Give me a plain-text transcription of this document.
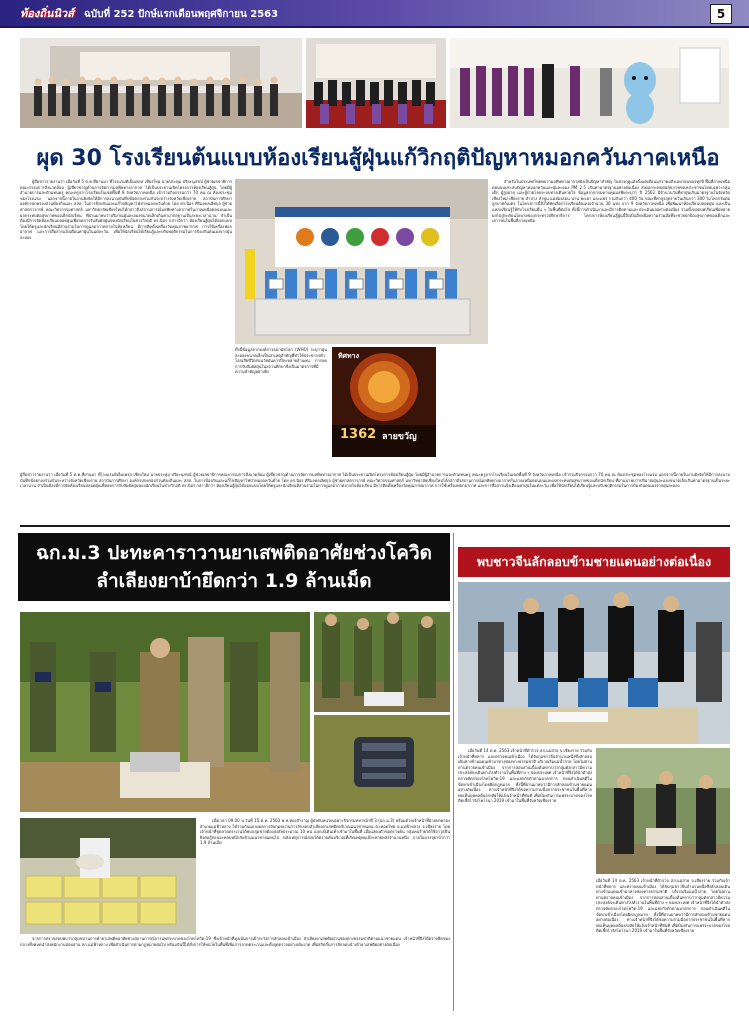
ท้องถิ่นนิวส์ ฉบับที่ 252 ปักษ์แรกเดือนพฤศจิกายน 2563	5
ผุด 30 โรงเรียนต้นแบบห้องเรียนสู้ฝุ่นแก้วิกฤติปัญหาหมอกควันภาคเหนือ
ผู้สื่อข่าวรายงานว่า เมื่อวันที่ 5 ต.ค.ที่ผ่านมา ที่โรงแรมดิเอ็มเพรส เชียงใหม่ นายประทุม ปริยะนุสรณ์ ผู้ช่วยเลขาธิการคณะกรรมการสิ่งแวดล้อม ผู้เชี่ยวชาญด้านการจัดการมลพิษทางอากาศ ได้เป็นประธานเปิดโครงการห้องเรียนสู้ฝุ่น โดยมีผู้อำนวยการและตัวแทนครู คณะครูจากโรงเรียนในเขตพื้นที่ 9 จังหวัดภาคเหนือ เข้าร่วมกิจกรรมกว่า 70 คน ณ ห้องประชุมของโรงแรม นอกจากนี้ภายในงานยังจัดให้มีการลงนามบันทึกข้อตกลงร่วมกันระหว่างจังหวัดเชียงราย สถาบันการศึกษา องค์กรปกครองส่วนท้องถิ่นและ สสส. ในการป้องกันและแก้ไขปัญหาไฟป่าหมอกควันด้วย โดย ดร.นิอร ศิริมงคลเลิศกุล ผู้ช่วยศาสตราจารย์ คณะวิศวกรรมศาสตร์ มหาวิทยาลัยเชียงใหม่ได้กล่าวถึงสถานการณ์มลพิษทางอากาศในภาคเหนือตอนบนและผลกระทบต่อสุขภาพของเด็กนักเรียน ที่ผ่านมาพบว่าปริมาณฝุ่นละอองขนาดเล็กเกินค่ามาตรฐานเป็นระยะเวลานาน จำเป็นต้องมีการจัดห้องเรียนปลอดฝุ่นเพื่อลดการรับสัมผัสฝุ่นของนักเรียนในช่วงวิกฤติ ดร.นิอร กล่าวอีกว่า ห้องเรียนสู้ฝุ่นได้ออกแบบโดยให้ครูและนักเรียนมีส่วนร่วมในการดูแลอากาศภายในห้องเรียน มีการติดตั้งเครื่องวัดคุณภาพอากาศ การใช้เครื่องฟอกอากาศ และการสื่อสารแจ้งเตือนค่าฝุ่นในแต่ละวัน เพื่อให้นักเรียนได้เรียนรู้และปรับพฤติกรรมในการป้องกันตนเองจากฝุ่นละออง
สำหรับในประเทศไทยพบว่ามลพิษทางอากาศยังเป็นปัญหาสำคัญ ในช่วงฤดูแล้งตั้งแต่เดือนมกราคมถึงเมษายนของทุกปี พื้นที่ภาคเหนือตอนบนประสบปัญหาหมอกควันและฝุ่นละออง PM 2.5 เกินค่ามาตรฐานอย่างต่อเนื่อง ส่งผลกระทบต่อสุขภาพของประชาชนโดยเฉพาะกลุ่มเด็ก ผู้สูงอายุ และผู้ป่วยโรคระบบทางเดินหายใจ ข้อมูลจากกรมควบคุมมลพิษระบุว่า ปี 2562 มีจำนวนวันที่ค่าฝุ่นเกินมาตรฐานในจังหวัดเชียงใหม่ เชียงราย ลำปาง ลำพูน แม่ฮ่องสอน น่าน พะเยา และแพร่ รวมกันกว่า 400 วัน ขณะที่ค่าสูงสุดรายวันเกินกว่า 300 ไมโครกรัมต่อลูกบาศก์เมตร ในโครงการนี้จึงได้คัดเลือกโรงเรียนต้นแบบจำนวน 30 แห่ง จาก 9 จังหวัดภาคเหนือ เพื่อพัฒนาห้องเรียนปลอดฝุ่น และเป็นแหล่งเรียนรู้ให้กับโรงเรียนอื่น ๆ ในพื้นที่ต่อไป ทั้งนี้การดำเนินงานจะมีการติดตามและประเมินผลอย่างต่อเนื่อง รวมทั้งถอดบทเรียนเพื่อขยายผลไปสู่ระดับนโยบายของกระทรวงศึกษาธิการ โครงการห้องเรียนสู้ฝุ่นนี้จึงเป็นอีกหนึ่งความร่วมมือที่จะช่วยปกป้องสุขภาพของเด็กและเยาวชนในพื้นที่ภาคเหนือ
ทิศทาง
1362 ลายขวัญ
ทั้งนี้ข้อมูลจากองค์การอนามัยโลก (WHO) ระบุว่าฝุ่นละอองขนาดเล็กเป็นสาเหตุสำคัญที่ทำให้ประชากรทั่วโลกเสียชีวิตก่อนวัยอันควรปีละหลายล้านคน การลดการรับสัมผัสฝุ่นในสถานศึกษาจึงเป็นมาตรการที่มีความสำคัญอย่างยิ่ง
ผู้สื่อข่าวรายงานว่า เมื่อวันที่ 5 ต.ค.ที่ผ่านมา ที่โรงแรมดิเอ็มเพรส เชียงใหม่ นายประทุม ปริยะนุสรณ์ ผู้ช่วยเลขาธิการคณะกรรมการสิ่งแวดล้อม ผู้เชี่ยวชาญด้านการจัดการมลพิษทางอากาศ ได้เป็นประธานเปิดโครงการห้องเรียนสู้ฝุ่น โดยมีผู้อำนวยการและตัวแทนครู คณะครูจากโรงเรียนในเขตพื้นที่ 9 จังหวัดภาคเหนือ เข้าร่วมกิจกรรมกว่า 70 คน ณ ห้องประชุมของโรงแรม นอกจากนี้ภายในงานยังจัดให้มีการลงนามบันทึกข้อตกลงร่วมกันระหว่างจังหวัดเชียงราย สถาบันการศึกษา องค์กรปกครองส่วนท้องถิ่นและ สสส. ในการป้องกันและแก้ไขปัญหาไฟป่าหมอกควันด้วย โดย ดร.นิอร ศิริมงคลเลิศกุล ผู้ช่วยศาสตราจารย์ คณะวิศวกรรมศาสตร์ มหาวิทยาลัยเชียงใหม่ได้กล่าวถึงสถานการณ์มลพิษทางอากาศในภาคเหนือตอนบนและผลกระทบต่อสุขภาพของเด็กนักเรียน ที่ผ่านมาพบว่าปริมาณฝุ่นละอองขนาดเล็กเกินค่ามาตรฐานเป็นระยะเวลานาน จำเป็นต้องมีการจัดห้องเรียนปลอดฝุ่นเพื่อลดการรับสัมผัสฝุ่นของนักเรียนในช่วงวิกฤติ ดร.นิอร กล่าวอีกว่า ห้องเรียนสู้ฝุ่นได้ออกแบบโดยให้ครูและนักเรียนมีส่วนร่วมในการดูแลอากาศภายในห้องเรียน มีการติดตั้งเครื่องวัดคุณภาพอากาศ การใช้เครื่องฟอกอากาศ และการสื่อสารแจ้งเตือนค่าฝุ่นในแต่ละวัน เพื่อให้นักเรียนได้เรียนรู้และปรับพฤติกรรมในการป้องกันตนเองจากฝุ่นละออง
ฉก.ม.3 ปะทะคาราวานยาเสพติดอาศัยช่วงโควิด
ลำเลียงยาบ้ายึดกว่า 1.9 ล้านเม็ด
เมื่อเวลา 09.00 น.วันที่ 15 ต.ค. 2563 พ.ท.ทองสำราญ ผู้บังคับหน่วยเฉพาะกิจกรมทหารม้าที่ 3 (ฉก.ม.3) พร้อมด้วยเจ้าหน้าที่ฝ่ายปกครองอำเภอแม่ฟ้าหลวง ได้ร่วมกันแถลงผลการจับกุมขบวนการลักลอบลำเลียงยาเสพติดบริเวณแนวชายแดน ต.เทอดไทย อ.แม่ฟ้าหลวง จ.เชียงราย โดยเจ้าหน้าที่ชุดลาดตระเวนได้พบกลุ่มชายต้องสงสัยประมาณ 10 คน แบกเป้เดินเท้าเข้ามาในพื้นที่ เมื่อแสดงตัวขอตรวจค้น กลุ่มคนร้ายได้ใช้อาวุธปืนยิงต่อสู้ก่อนจะหลบหนีกลับข้ามแนวชายแดนไป หลังเหตุการณ์สงบได้ตรวจค้นบริเวณที่เกิดเหตุพบเป้สะพายหลังจำนวนหนึ่ง ภายในบรรจุยาบ้ากว่า 1.9 ล้านเม็ด
จากการตรวจสอบพบว่ากลุ่มขบวนการค้ายาเสพติดอาศัยช่วงสถานการณ์การแพร่ระบาดของโรคโควิด-19 ซึ่งเจ้าหน้าที่มุ่งเน้นการเฝ้าระวังการลักลอบเข้าเมือง ลำเลียงยาเสพติดผ่านช่องทางธรรมชาติตามแนวชายแดน เจ้าหน้าที่จึงได้ตรวจยึดของกลางทั้งหมดนำส่งพนักงานสอบสวน สภ.แม่ฟ้าหลวง เพื่อดำเนินการตามกฎหมายต่อไป พร้อมกันนี้ได้สั่งการให้หน่วยในพื้นที่เพิ่มการลาดตระเวนและตั้งจุดตรวจอย่างเข้มงวด เพื่อสกัดกั้นการลักลอบนำเข้ายาเสพติดอย่างต่อเนื่อง
พบชาวจีนลักลอบข้ามชายแดนอย่างต่อเนื่อง
เมื่อวันที่ 14 ต.ค. 2563 เจ้าหน้าที่ตำรวจ สภ.แม่สาย จ.เชียงราย ร่วมกับเจ้าหน้าที่ทหาร และตรวจคนเข้าเมือง ได้จับกุมชาวจีนจำนวนหนึ่งซึ่งลักลอบเดินทางข้ามแดนเข้ามาทางช่องทางธรรมชาติ บริเวณริมแม่น้ำสาย โดยไม่ผ่านด่านตรวจคนเข้าเมือง จากการสอบสวนเบื้องต้นทราบว่ากลุ่มดังกล่าวมีความประสงค์จะเดินทางไปทำงานในพื้นที่ต่าง ๆ ของประเทศ เจ้าหน้าที่จึงได้นำตัวส่งตรวจคัดกรองโรคโควิด-19 และแยกกักตัวตามมาตรการ ก่อนดำเนินคดีในข้อหาเข้าเมืองโดยผิดกฎหมาย ทั้งนี้ที่ผ่านมาพบว่ามีการลักลอบข้ามชายแดนอย่างต่อเนื่อง ทางเจ้าหน้าที่จึงได้ขอความร่วมมือจากประชาชนในพื้นที่หากพบเห็นบุคคลต้องสงสัยให้แจ้งเจ้าหน้าที่ทันที เพื่อป้องกันการแพร่ระบาดของโรคติดเชื้อไวรัสโคโรนา 2019 เข้ามาในพื้นที่จังหวัดเชียงราย
เมื่อวันที่ 14 ต.ค. 2563 เจ้าหน้าที่ตำรวจ สภ.แม่สาย จ.เชียงราย ร่วมกับเจ้าหน้าที่ทหาร และตรวจคนเข้าเมือง ได้จับกุมชาวจีนจำนวนหนึ่งซึ่งลักลอบเดินทางข้ามแดนเข้ามาทางช่องทางธรรมชาติ บริเวณริมแม่น้ำสาย โดยไม่ผ่านด่านตรวจคนเข้าเมือง จากการสอบสวนเบื้องต้นทราบว่ากลุ่มดังกล่าวมีความประสงค์จะเดินทางไปทำงานในพื้นที่ต่าง ๆ ของประเทศ เจ้าหน้าที่จึงได้นำตัวส่งตรวจคัดกรองโรคโควิด-19 และแยกกักตัวตามมาตรการ ก่อนดำเนินคดีในข้อหาเข้าเมืองโดยผิดกฎหมาย ทั้งนี้ที่ผ่านมาพบว่ามีการลักลอบข้ามชายแดนอย่างต่อเนื่อง ทางเจ้าหน้าที่จึงได้ขอความร่วมมือจากประชาชนในพื้นที่หากพบเห็นบุคคลต้องสงสัยให้แจ้งเจ้าหน้าที่ทันที เพื่อป้องกันการแพร่ระบาดของโรคติดเชื้อไวรัสโคโรนา 2019 เข้ามาในพื้นที่จังหวัดเชียงราย
